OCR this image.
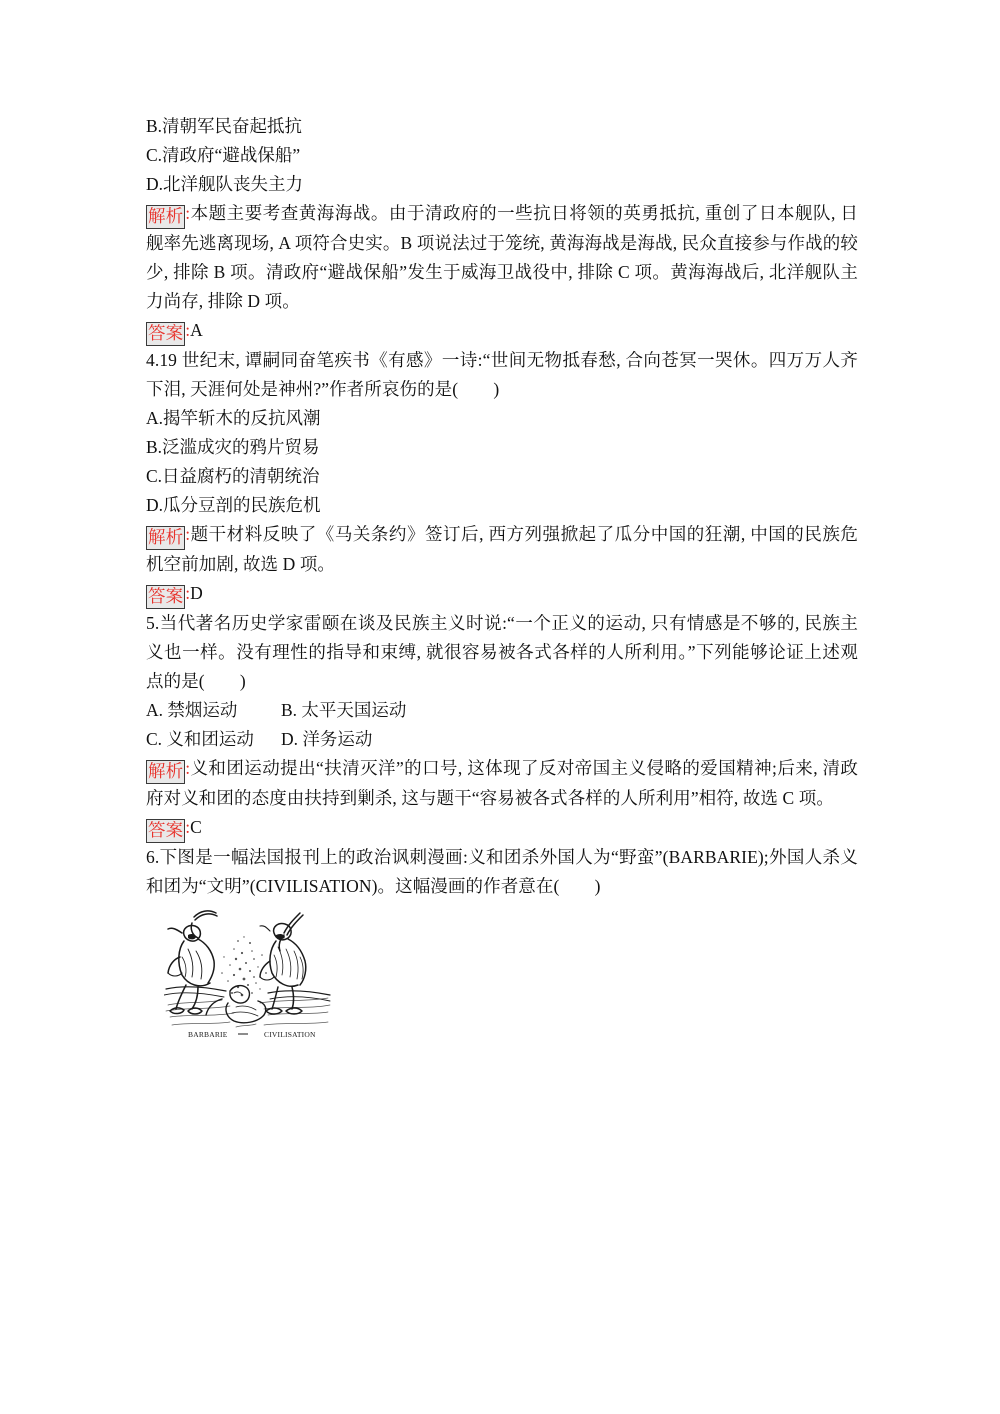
B.清朝军民奋起抵抗
C.清政府“避战保船”
D.北洋舰队丧失主力
解析 :本题主要考查黄海海战。由于清政府的一些抗日将领的英勇抵抗, 重创了日本舰队, 日舰率先逃离现场, A 项符合史实。B 项说法过于笼统, 黄海海战是海战, 民众直接参与作战的较少, 排除 B 项。清政府“避战保船”发生于威海卫战役中, 排除 C 项。黄海海战后, 北洋舰队主力尚存, 排除 D 项。
答案 :A
4.19 世纪末, 谭嗣同奋笔疾书《有感》一诗:“世间无物抵春愁, 合向苍冥一哭休。四万万人齐下泪, 天涯何处是神州?”作者所哀伤的是(　　)
A.揭竿斩木的反抗风潮
B.泛滥成灾的鸦片贸易
C.日益腐朽的清朝统治
D.瓜分豆剖的民族危机
解析 :题干材料反映了《马关条约》签订后, 西方列强掀起了瓜分中国的狂潮, 中国的民族危机空前加剧, 故选 D 项。
答案 :D
5.当代著名历史学家雷颐在谈及民族主义时说:“一个正义的运动, 只有情感是不够的, 民族主义也一样。没有理性的指导和束缚, 就很容易被各式各样的人所利用。”下列能够论证上述观点的是(　　)
A. 禁烟运动	B. 太平天国运动
C. 义和团运动	D. 洋务运动
解析 :义和团运动提出“扶清灭洋”的口号, 这体现了反对帝国主义侵略的爱国精神;后来, 清政府对义和团的态度由扶持到剿杀, 这与题干“容易被各式各样的人所利用”相符, 故选 C 项。
答案 :C
6.下图是一幅法国报刊上的政治讽刺漫画:义和团杀外国人为“野蛮”(BARBARIE);外国人杀义和团为“文明”(CIVILISATION)。这幅漫画的作者意在(　　)
BARBARIE	CIVILISATION
